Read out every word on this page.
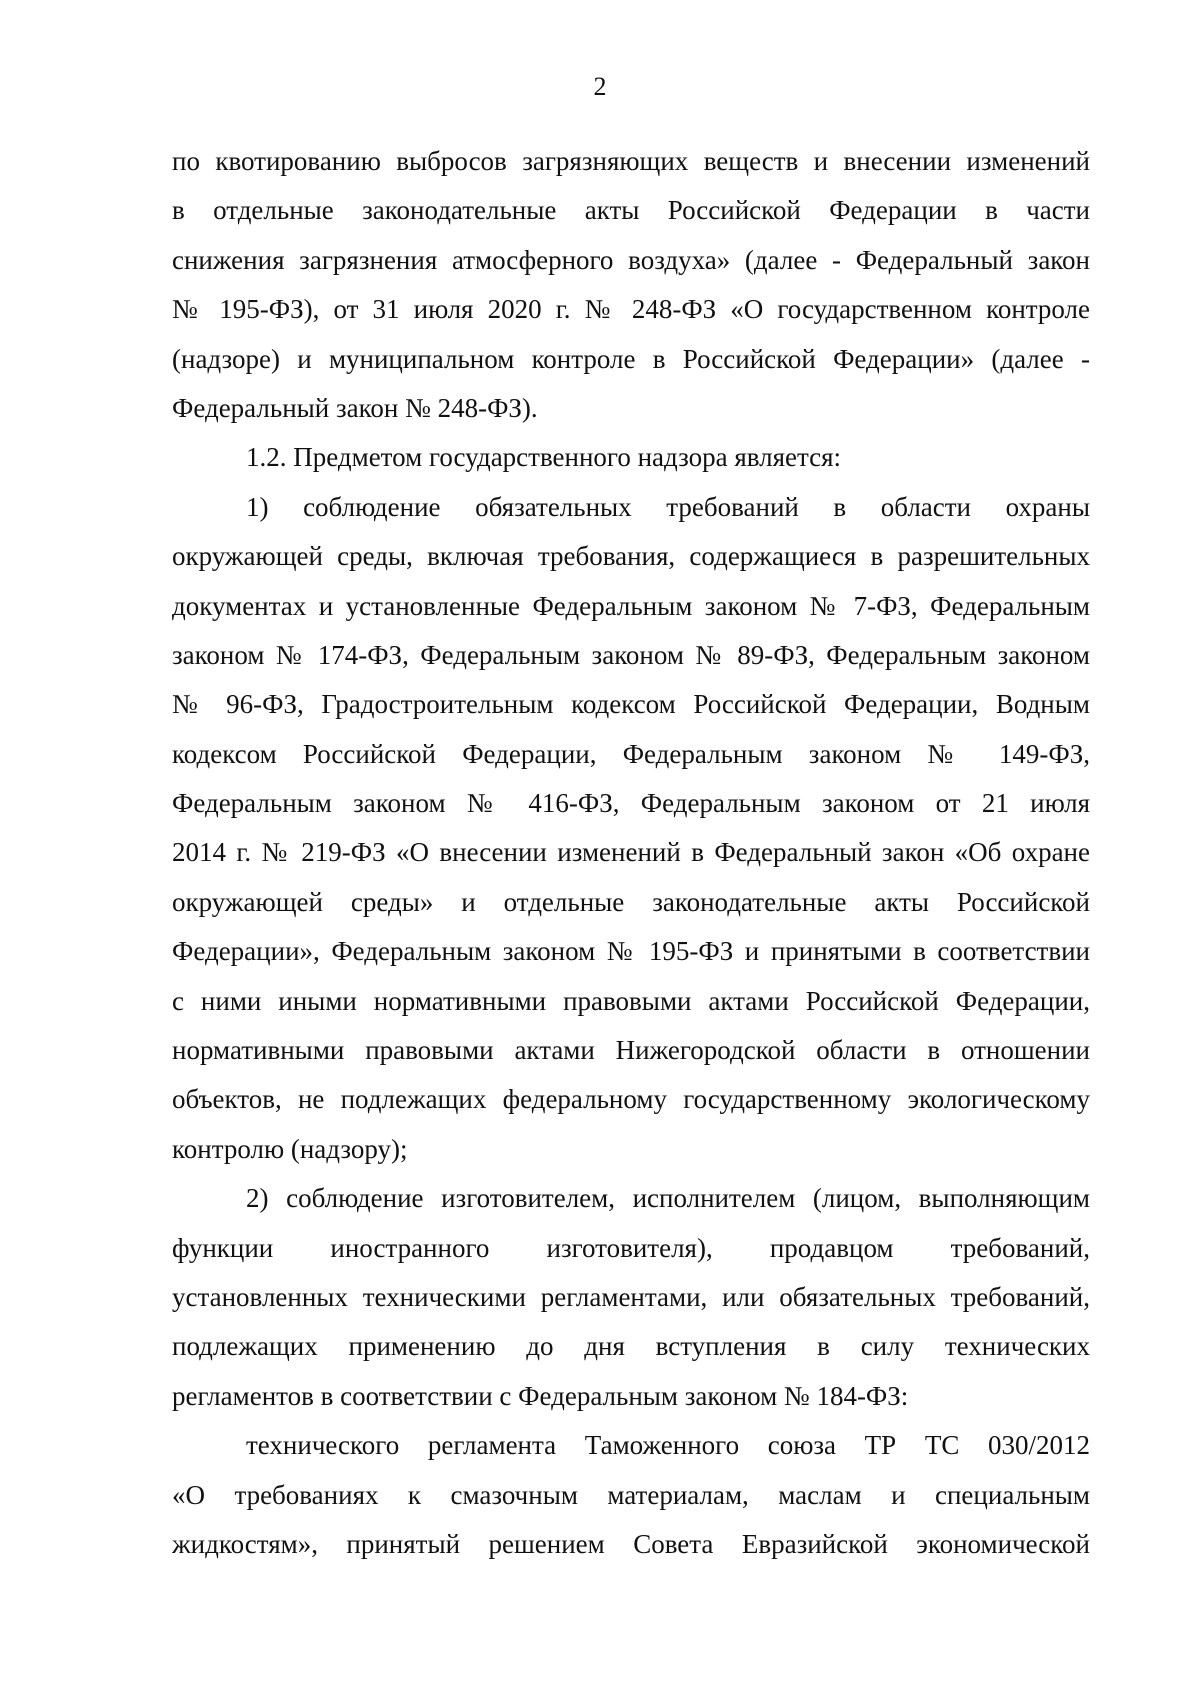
2
по квотированию выбросов загрязняющих веществ и внесении изменений
в отдельные законодательные акты Российской Федерации в части
снижения загрязнения атмосферного воздуха» (далее - Федеральный закон
№ 195-ФЗ), от 31 июля 2020 г. № 248-ФЗ «О государственном контроле
(надзоре) и муниципальном контроле в Российской Федерации» (далее -
Федеральный закон № 248-ФЗ).
1.2. Предметом государственного надзора является:
1) соблюдение обязательных требований в области охраны
окружающей среды, включая требования, содержащиеся в разрешительных
документах и установленные Федеральным законом № 7-ФЗ, Федеральным
законом № 174-ФЗ, Федеральным законом № 89-ФЗ, Федеральным законом
№ 96-ФЗ, Градостроительным кодексом Российской Федерации, Водным
кодексом Российской Федерации, Федеральным законом № 149-ФЗ,
Федеральным законом № 416-ФЗ, Федеральным законом от 21 июля
2014 г. № 219-ФЗ «О внесении изменений в Федеральный закон «Об охране
окружающей среды» и отдельные законодательные акты Российской
Федерации», Федеральным законом № 195-ФЗ и принятыми в соответствии
с ними иными нормативными правовыми актами Российской Федерации,
нормативными правовыми актами Нижегородской области в отношении
объектов, не подлежащих федеральному государственному экологическому
контролю (надзору);
2) соблюдение изготовителем, исполнителем (лицом, выполняющим
функции иностранного изготовителя), продавцом требований,
установленных техническими регламентами, или обязательных требований,
подлежащих применению до дня вступления в силу технических
регламентов в соответствии с Федеральным законом № 184-ФЗ:
технического регламента Таможенного союза ТР ТС 030/2012
«О требованиях к смазочным материалам, маслам и специальным
жидкостям», принятый решением Совета Евразийской экономической
